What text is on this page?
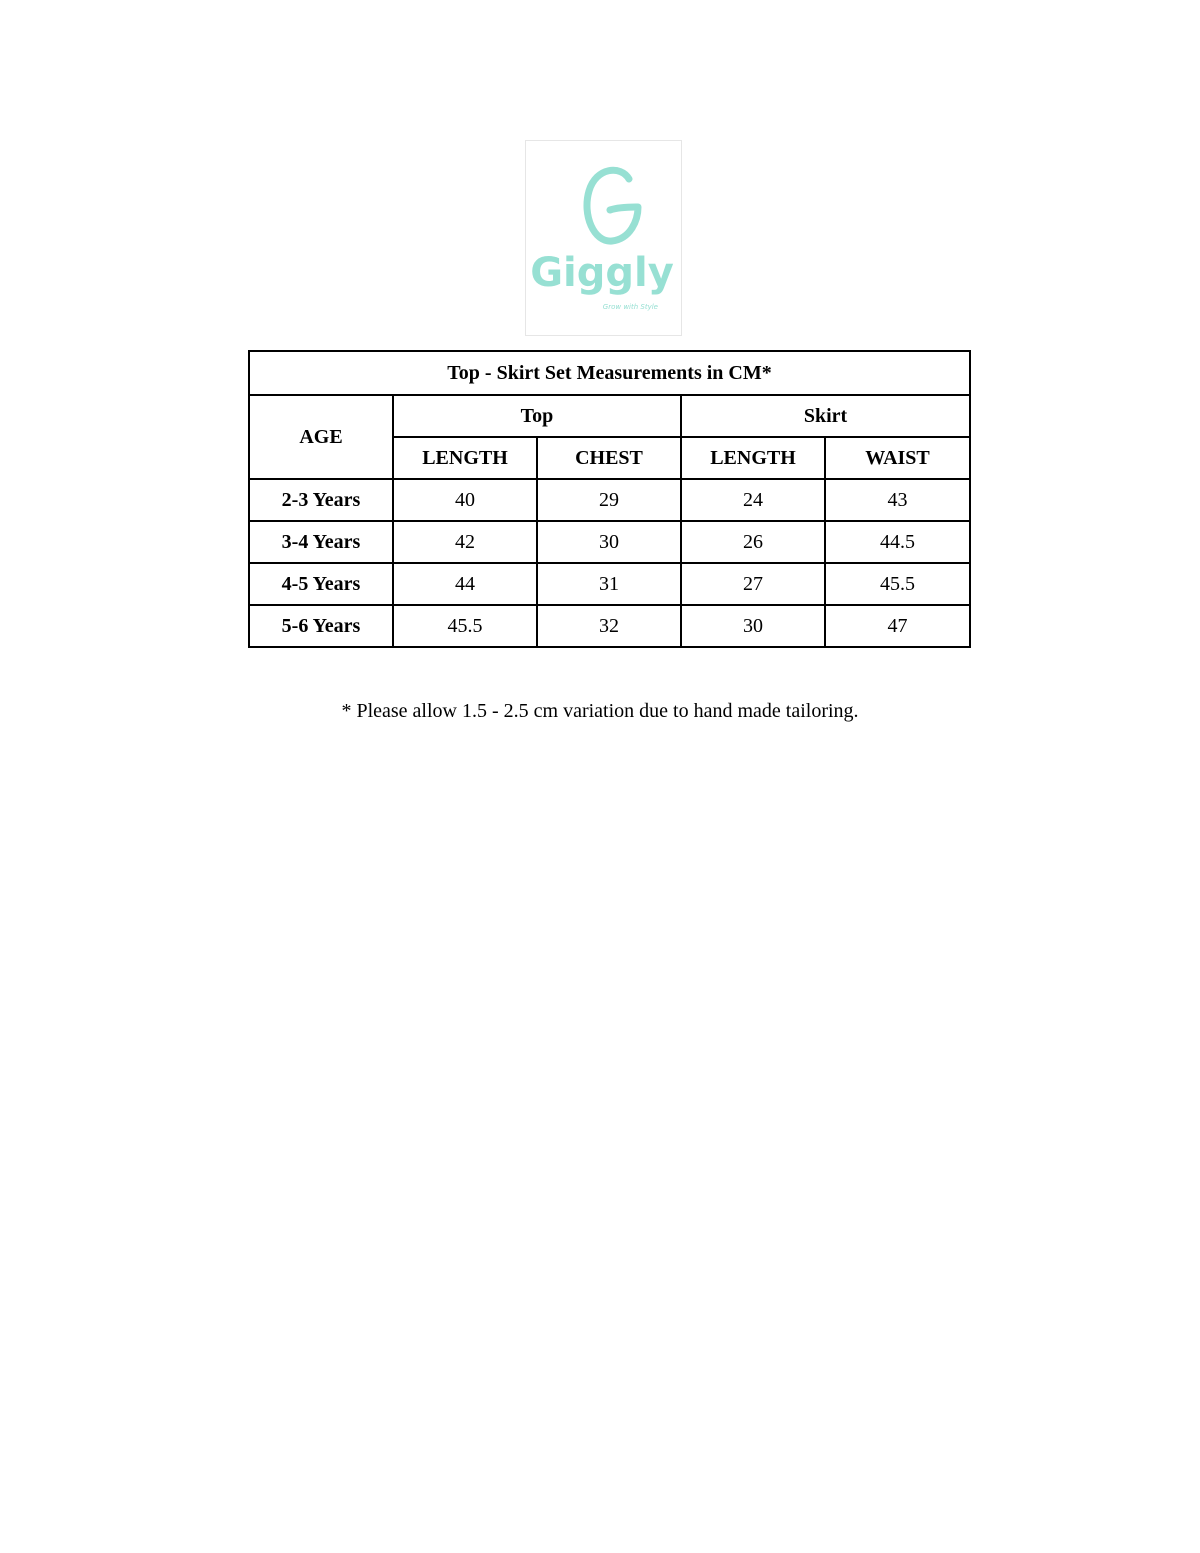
Giggly
Grow with Style
Top - Skirt Set Measurements in CM*				
AGE	Top		Skirt	
	LENGTH	CHEST	LENGTH	WAIST
2-3 Years	40	29	24	43
3-4 Years	42	30	26	44.5
4-5 Years	44	31	27	45.5
5-6 Years	45.5	32	30	47
* Please allow 1.5 - 2.5 cm variation due to hand made tailoring.
